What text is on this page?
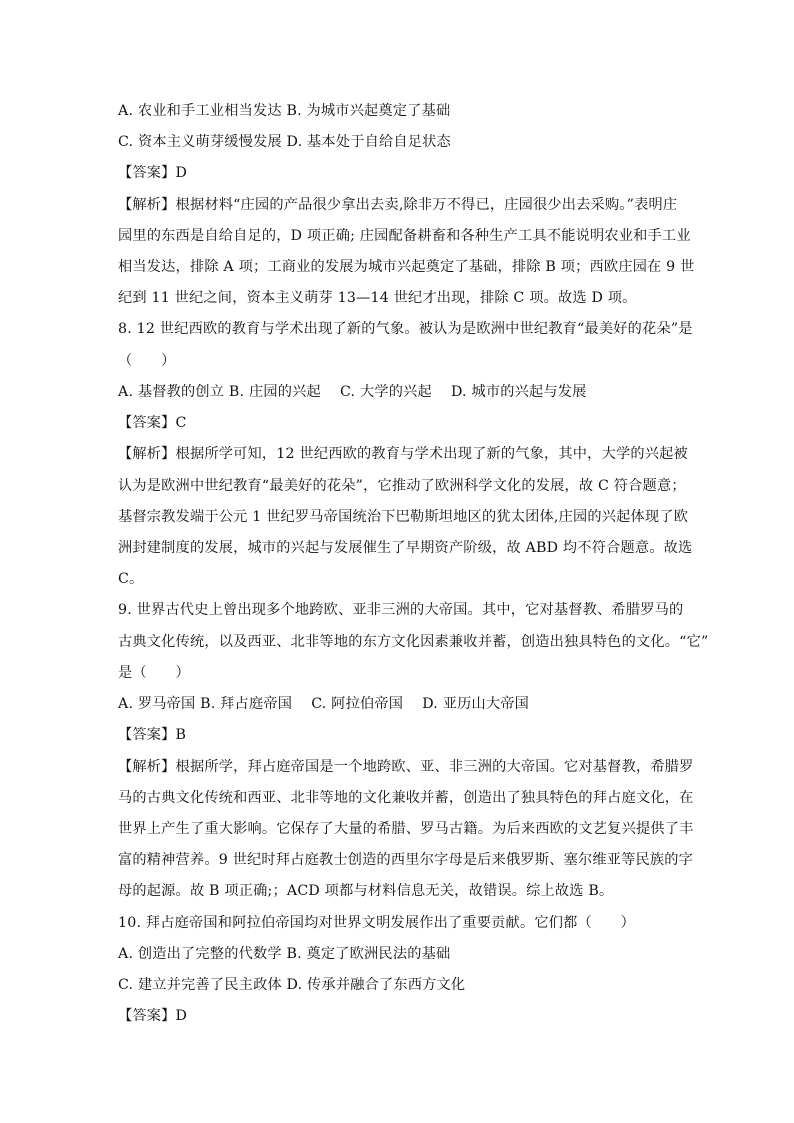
A. 农业和手工业相当发达 B. 为城市兴起奠定了基础
C. 资本主义萌芽缓慢发展 D. 基本处于自给自足状态
【答案】D
【解析】根据材料“庄园的产品很少拿出去卖,除非万不得已，庄园很少出去采购。”表明庄
园里的东西是自给自足的，D 项正确; 庄园配备耕畜和各种生产工具不能说明农业和手工业
相当发达，排除 A 项；工商业的发展为城市兴起奠定了基础，排除 B 项；西欧庄园在 9 世
纪到 11 世纪之间，资本主义萌芽 13—14 世纪才出现，排除 C 项。故选 D 项。
8. 12 世纪西欧的教育与学术出现了新的气象。被认为是欧洲中世纪教育“最美好的花朵”是
（　　）
A. 基督教的创立 B. 庄园的兴起　 C. 大学的兴起　 D. 城市的兴起与发展
【答案】C
【解析】根据所学可知，12 世纪西欧的教育与学术出现了新的气象，其中，大学的兴起被
认为是欧洲中世纪教育“最美好的花朵”，它推动了欧洲科学文化的发展，故 C 符合题意；
基督宗教发端于公元 1 世纪罗马帝国统治下巴勒斯坦地区的犹太团体,庄园的兴起体现了欧
洲封建制度的发展，城市的兴起与发展催生了早期资产阶级，故 ABD 均不符合题意。故选
C。
9. 世界古代史上曾出现多个地跨欧、亚非三洲的大帝国。其中，它对基督教、希腊罗马的
古典文化传统，以及西亚、北非等地的东方文化因素兼收并蓄，创造出独具特色的文化。“它”
是（　　）
A. 罗马帝国 B. 拜占庭帝国　 C. 阿拉伯帝国　 D. 亚历山大帝国
【答案】B
【解析】根据所学，拜占庭帝国是一个地跨欧、亚、非三洲的大帝国。它对基督教，希腊罗
马的古典文化传统和西亚、北非等地的文化兼收并蓄，创造出了独具特色的拜占庭文化，在
世界上产生了重大影响。它保存了大量的希腊、罗马古籍。为后来西欧的文艺复兴提供了丰
富的精神营养。9 世纪时拜占庭教士创造的西里尔字母是后来俄罗斯、塞尔维亚等民族的字
母的起源。故 B 项正确;；ACD 项都与材料信息无关，故错误。综上故选 B。
10. 拜占庭帝国和阿拉伯帝国均对世界文明发展作出了重要贡献。它们都（　　）
A. 创造出了完整的代数学 B. 奠定了欧洲民法的基础
C. 建立并完善了民主政体 D. 传承并融合了东西方文化
【答案】D
